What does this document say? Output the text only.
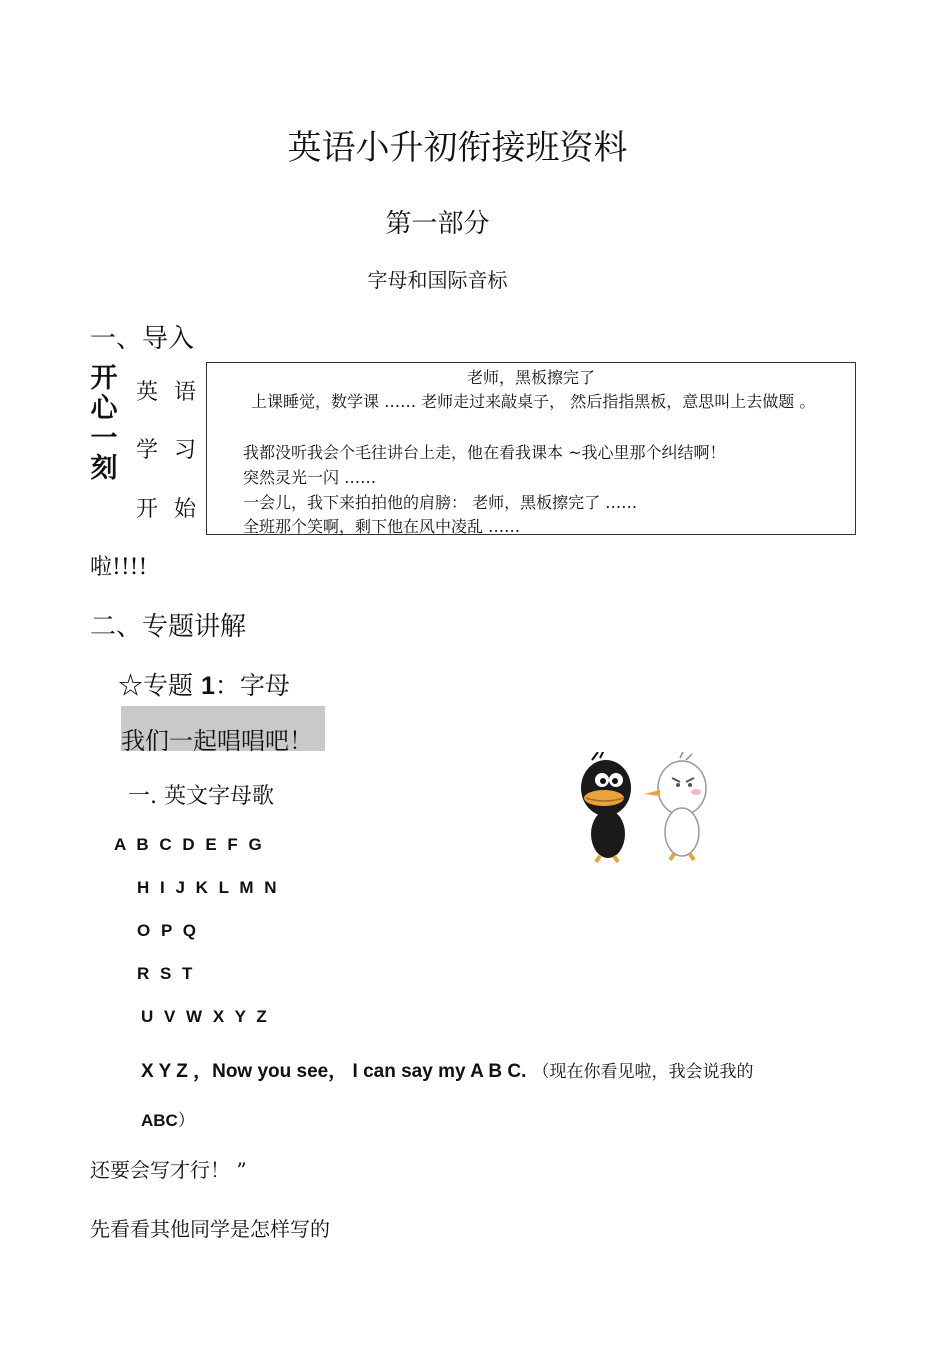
英语小升初衔接班资料
第一部分
字母和国际音标
一、导入
开心一刻
英语
学习
开始
啦!!!!
老师，黑板擦完了
上课睡觉，数学课 …… 老师走过来敲桌子， 然后指指黑板，意思叫上去做题 。
我都没听我会个毛往讲台上走，他在看我课本 ~我心里那个纠结啊！
突然灵光一闪 ……
一会儿，我下来拍拍他的肩膀： 老师，黑板擦完了 ……
全班那个笑啊，剩下他在风中凌乱 ……
二、专题讲解
☆专题 1：字母
我们一起唱唱吧！
一. 英文字母歌
A B C D E F G
H I J K L M N
O P Q
R S T
U V W X Y Z
X Y Z ，Now you see， I can say my A B C. （现在你看见啦，我会说我的
ABC）
还要会写才行！ ”
先看看其他同学是怎样写的
